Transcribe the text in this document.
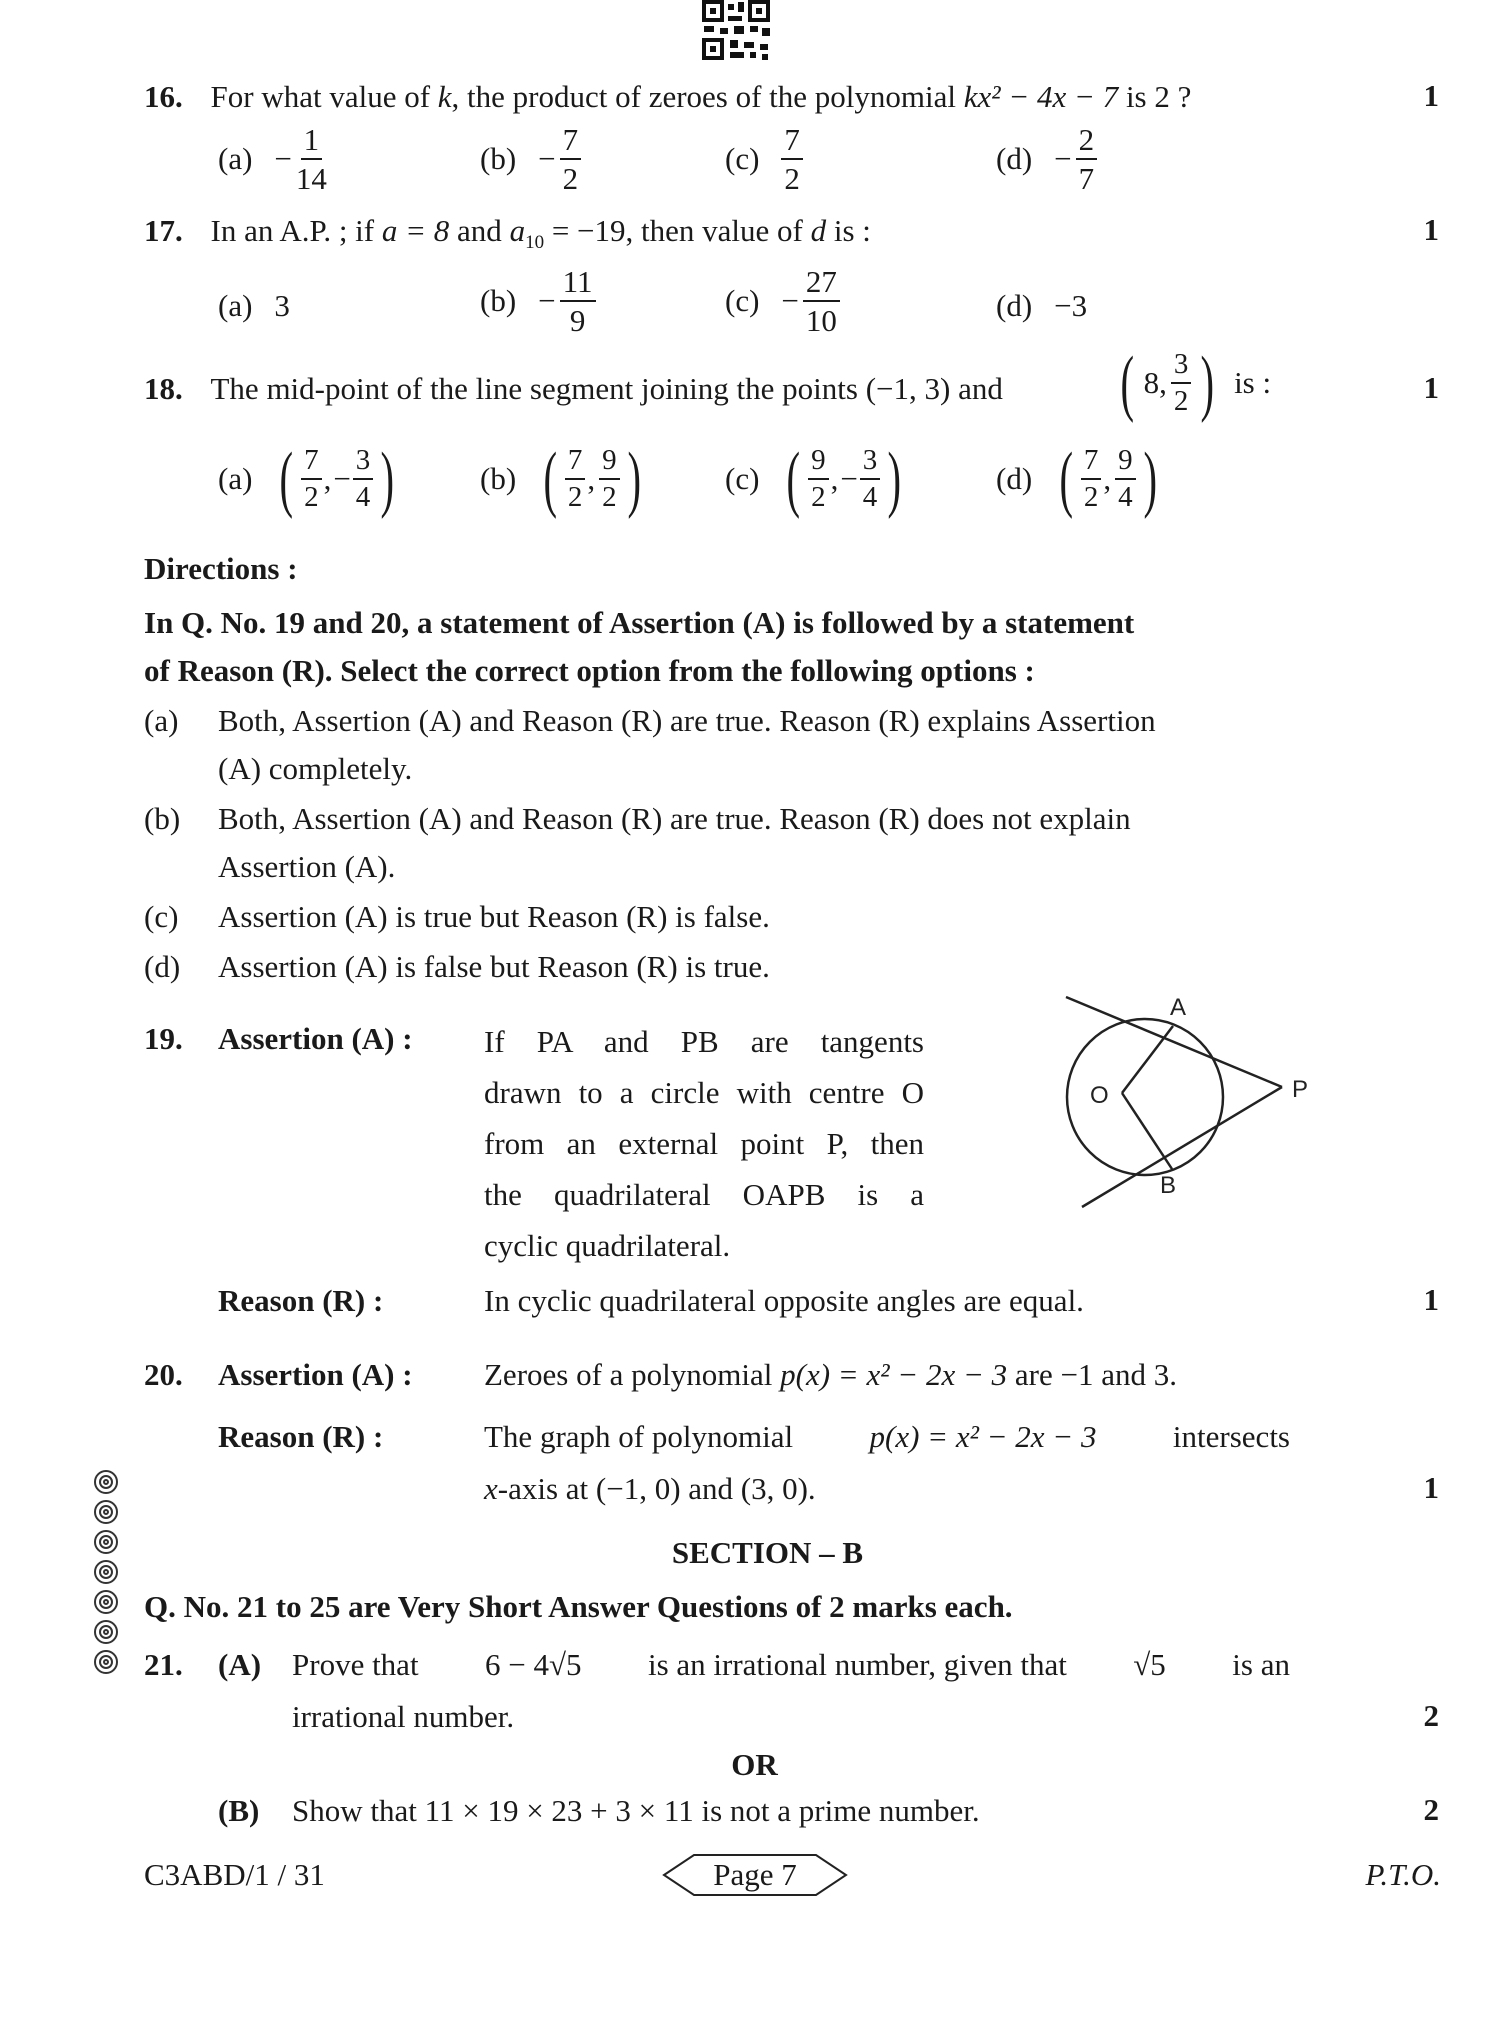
16. For what value of k, the product of zeroes of the polynomial kx² − 4x − 7 is 2 ?	1
$(a) - \frac{1}{14}$	$(b) - \frac{7}{2}$	$(c) \frac{7}{2}$	$(d) - \frac{2}{7}$
17. In an A.P. ; if a = 8 and $a_{10} = -19$, then value of d is :	1
(a) 3	$(b) - \frac{11}{9}$	$(c) - \frac{27}{10}$	(d) −3
18. The mid-point of the line segment joining the points (−1, 3) and ( 8, $\frac{3}{2}$ ) is :	1
(a) ( $\frac{7}{2}$ , − $\frac{3}{4}$ )	(b) ( $\frac{7}{2}$ , $\frac{9}{2}$ )	(c) ( $\frac{9}{2}$ , − $\frac{3}{4}$ )	(d) ( $\frac{7}{2}$ , $\frac{9}{4}$ )
Directions :
In Q. No. 19 and 20, a statement of Assertion (A) is followed by a statement
of Reason (R). Select the correct option from the following options :
(a) Both, Assertion (A) and Reason (R) are true. Reason (R) explains Assertion
(A) completely.
(b) Both, Assertion (A) and Reason (R) are true. Reason (R) does not explain
Assertion (A).
(c) Assertion (A) is true but Reason (R) is false.
(d) Assertion (A) is false but Reason (R) is true.
19. Assertion (A) : If PA and PB are tangents
drawn to a circle with centre O
from an external point P, then
the quadrilateral OAPB is a
cyclic quadrilateral.
A
O	P
B
Reason (R) :	In cyclic quadrilateral opposite angles are equal.	1
20. Assertion (A) : Zeroes of a polynomial p(x) = x² − 2x − 3 are −1 and 3.
Reason (R) :	The graph of polynomial p(x) = x² − 2x − 3 intersects
x-axis at (−1, 0) and (3, 0).	1
SECTION – B
Q. No. 21 to 25 are Very Short Answer Questions of 2 marks each.
21. (A) Prove that 6 − 4√5 is an irrational number, given that √5 is an
irrational number.	2
OR
(B) Show that 11 × 19 × 23 + 3 × 11 is not a prime number.	2
C3ABD/1 / 31	Page 7	P.T.O.
